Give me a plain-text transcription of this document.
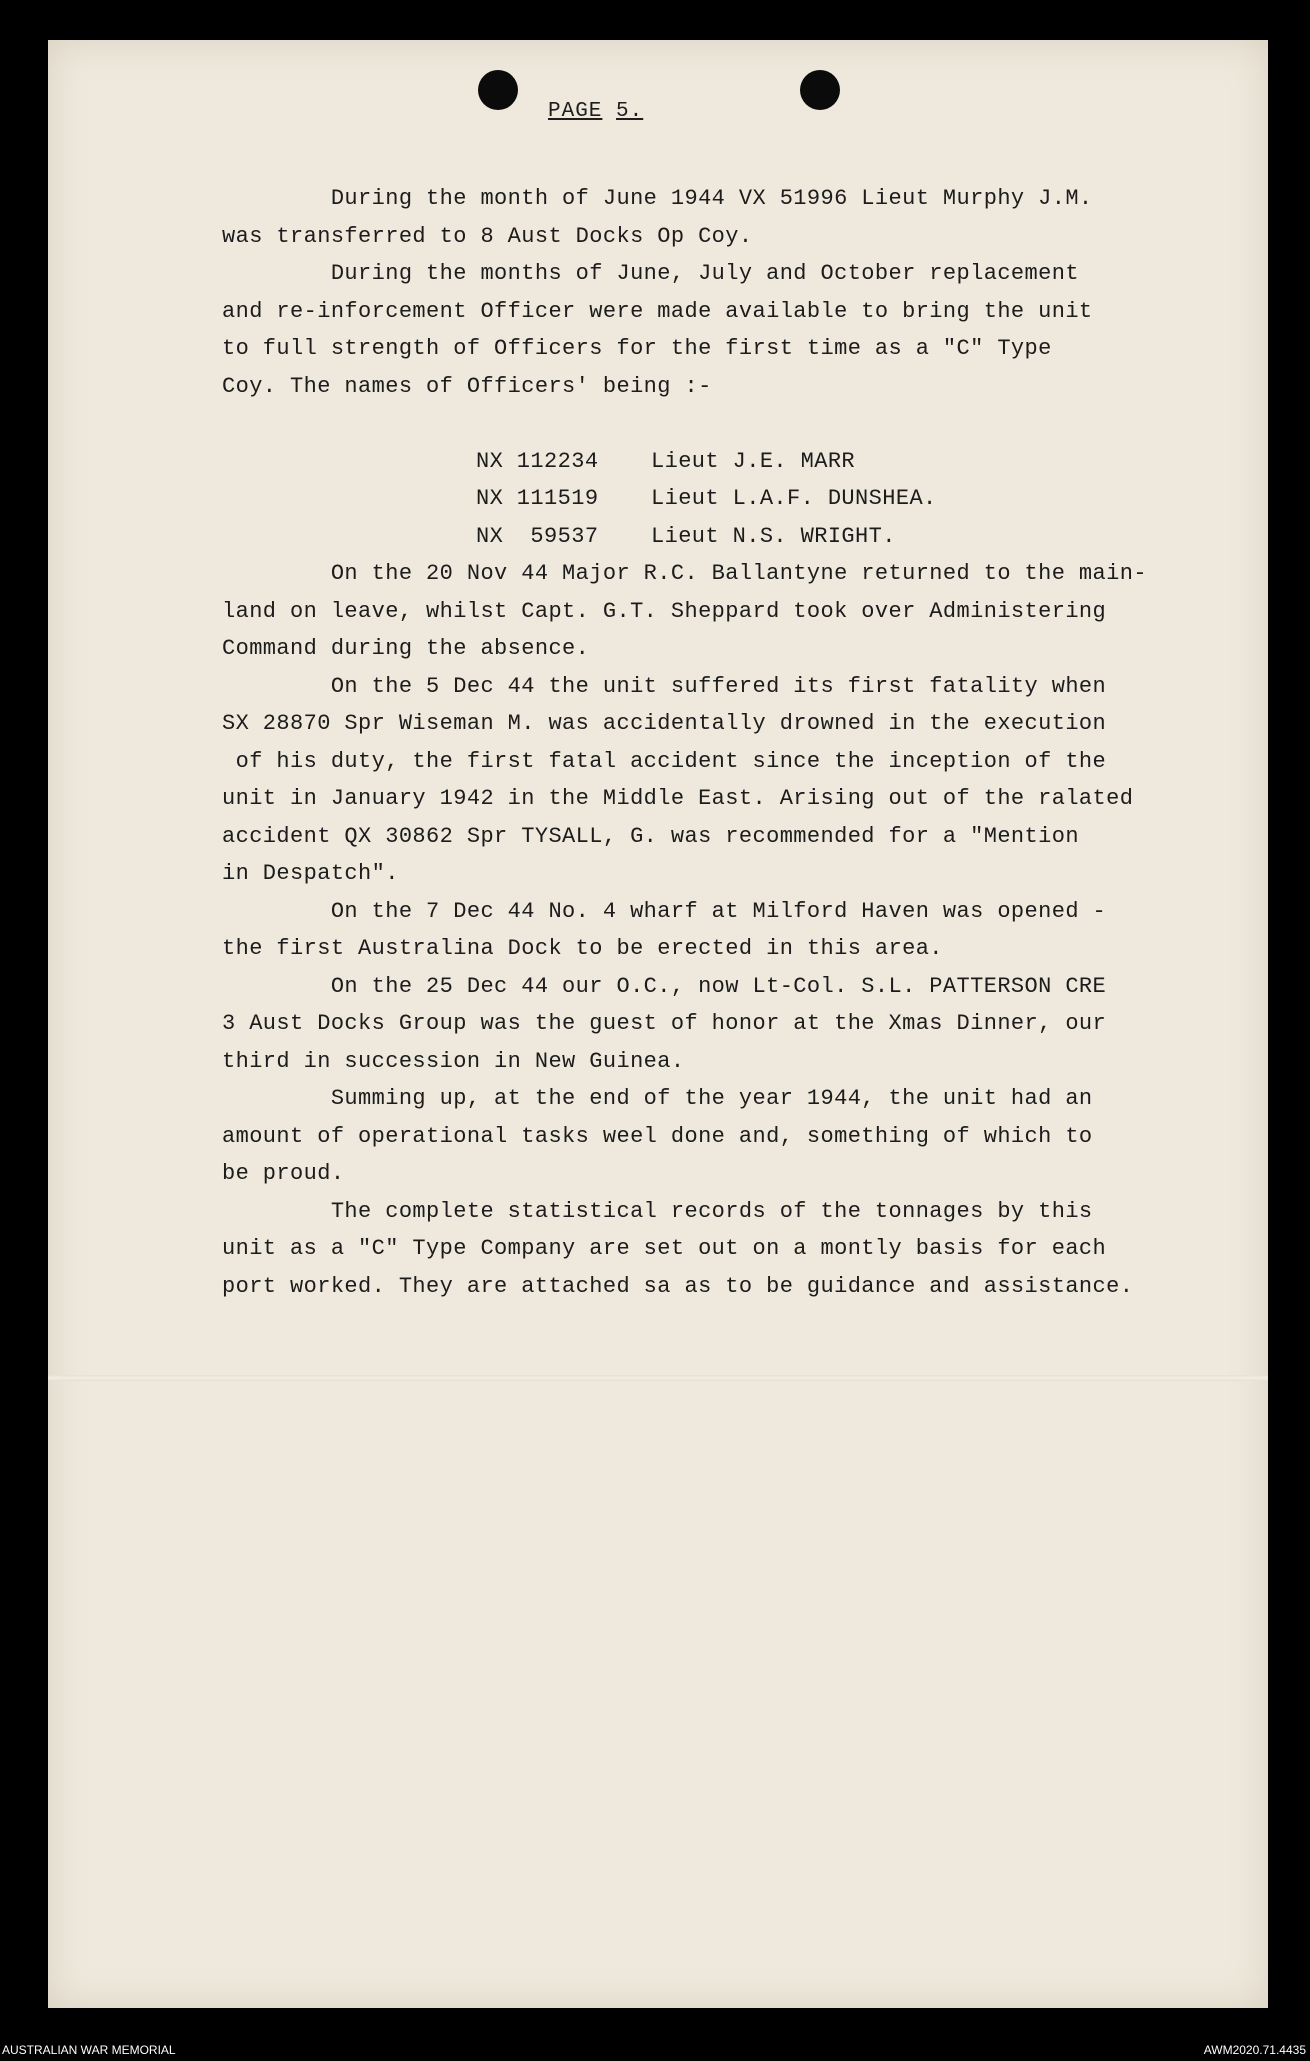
PAGE 5.
During the month of June 1944 VX 51996 Lieut Murphy J.M.
was transferred to 8 Aust Docks Op Coy.
During the months of June, July and October replacement
and re-inforcement Officer were made available to bring the unit
to full strength of Officers for the first time as a "C" Type
Coy. The names of Officers' being :-
NX 112234	Lieut J.E. MARR
NX 111519	Lieut L.A.F. DUNSHEA.
NX  59537	Lieut N.S. WRIGHT.
On the 20 Nov 44 Major R.C. Ballantyne returned to the main-
land on leave, whilst Capt. G.T. Sheppard took over Administering
Command during the absence.
On the 5 Dec 44 the unit suffered its first fatality when
SX 28870 Spr Wiseman M. was accidentally drowned in the execution
of his duty, the first fatal accident since the inception of the
unit in January 1942 in the Middle East. Arising out of the ralated
accident QX 30862 Spr TYSALL, G. was recommended for a "Mention
in Despatch".
On the 7 Dec 44 No. 4 wharf at Milford Haven was opened -
the first Australina Dock to be erected in this area.
On the 25 Dec 44 our O.C., now Lt-Col. S.L. PATTERSON CRE
3 Aust Docks Group was the guest of honor at the Xmas Dinner, our
third in succession in New Guinea.
Summing up, at the end of the year 1944, the unit had an
amount of operational tasks weel done and, something of which to
be proud.
The complete statistical records of the tonnages by this
unit as a "C" Type Company are set out on a montly basis for each
port worked. They are attached sa as to be guidance and assistance.
AUSTRALIAN WAR MEMORIAL	AWM2020.71.4435
